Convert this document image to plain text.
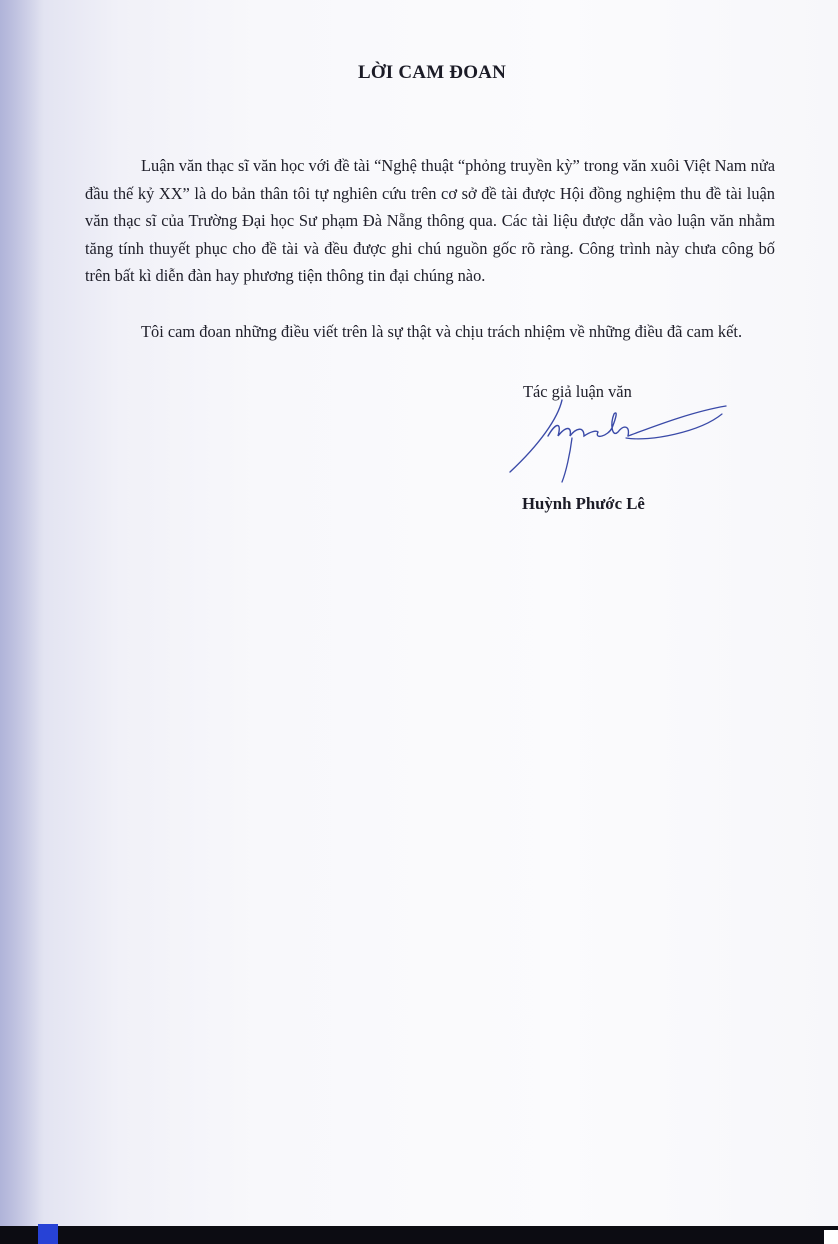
LỜI CAM ĐOAN

Luận văn thạc sĩ văn học với đề tài “Nghệ thuật “phỏng truyền kỳ” trong văn xuôi Việt Nam nửa đầu thế kỷ XX” là do bản thân tôi tự nghiên cứu trên cơ sở đề tài được Hội đồng nghiệm thu đề tài luận văn thạc sĩ của Trường Đại học Sư phạm Đà Nẵng thông qua. Các tài liệu được dẫn vào luận văn nhằm tăng tính thuyết phục cho đề tài và đều được ghi chú nguồn gốc rõ ràng. Công trình này chưa công bố trên bất kì diễn đàn hay phương tiện thông tin đại chúng nào.

Tôi cam đoan những điều viết trên là sự thật và chịu trách nhiệm về những điều đã cam kết.

Tác giả luận văn
Huỳnh Phước Lê
